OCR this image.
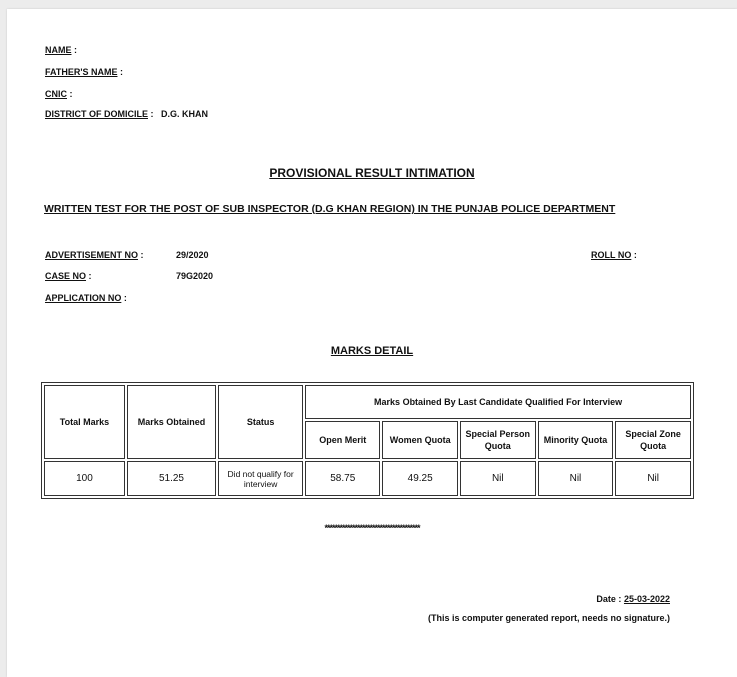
NAME :
FATHER'S NAME :
CNIC :
DISTRICT OF DOMICILE : D.G. KHAN
PROVISIONAL RESULT INTIMATION
WRITTEN TEST FOR THE POST OF SUB INSPECTOR (D.G KHAN REGION) IN THE PUNJAB POLICE DEPARTMENT
ADVERTISEMENT NO :	29/2020
CASE NO :	79G2020
APPLICATION NO :
ROLL NO :
MARKS DETAIL
Total Marks	Marks Obtained	Status	Marks Obtained By Last Candidate Qualified For Interview				
			Open Merit	Women Quota	Special Person Quota	Minority Quota	Special Zone Quota
100	51.25	Did not qualify for interview	58.75	49.25	Nil	Nil	Nil
**************************************
Date : 25-03-2022
(This is computer generated report, needs no signature.)
